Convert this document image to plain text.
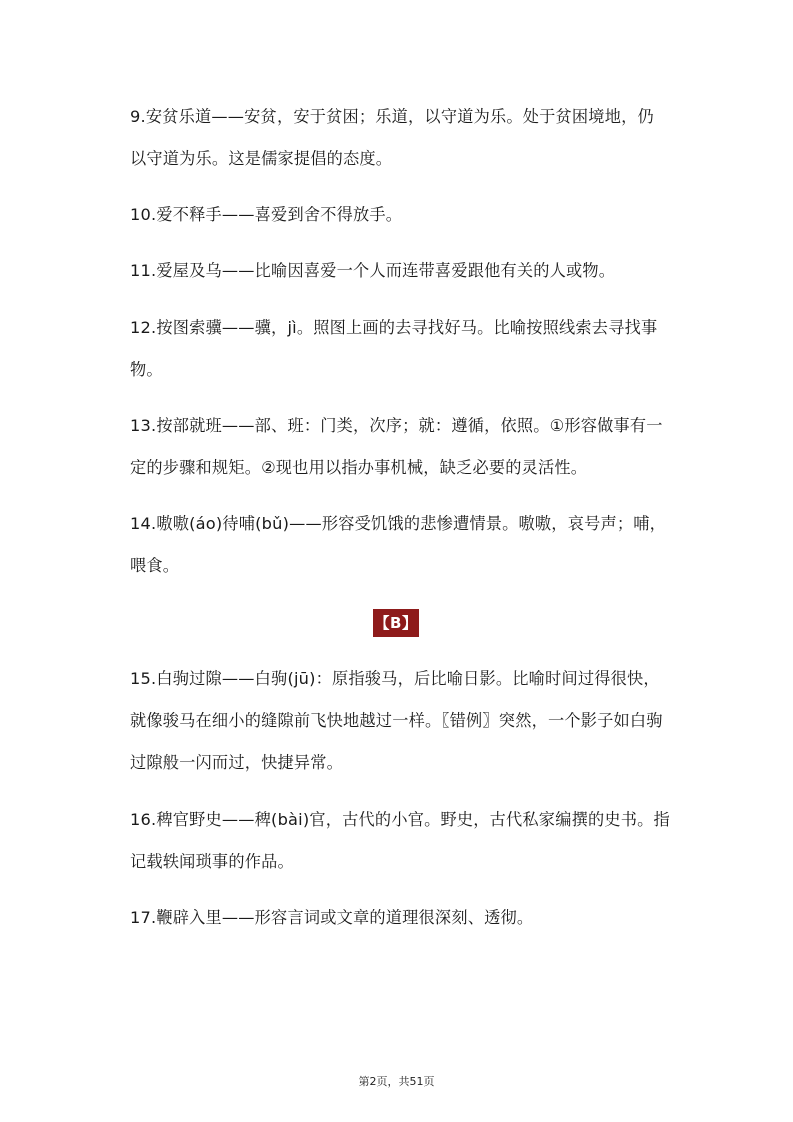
9.安贫乐道——安贫，安于贫困；乐道，以守道为乐。处于贫困境地，仍以守道为乐。这是儒家提倡的态度。

10.爱不释手——喜爱到舍不得放手。

11.爱屋及乌——比喻因喜爱一个人而连带喜爱跟他有关的人或物。

12.按图索骥——骥，jì。照图上画的去寻找好马。比喻按照线索去寻找事物。

13.按部就班——部、班：门类，次序；就：遵循，依照。①形容做事有一定的步骤和规矩。②现也用以指办事机械，缺乏必要的灵活性。

14.嗷嗷(áo)待哺(bǔ)——形容受饥饿的悲惨遭情景。嗷嗷，哀号声；哺，喂食。

【B】

15.白驹过隙——白驹(jū)：原指骏马，后比喻日影。比喻时间过得很快，就像骏马在细小的缝隙前飞快地越过一样。〖错例〗突然，一个影子如白驹过隙般一闪而过，快捷异常。

16.稗官野史——稗(bài)官，古代的小官。野史，古代私家编撰的史书。指记载轶闻琐事的作品。

17.鞭辟入里——形容言词或文章的道理很深刻、透彻。

第2页，共51页
